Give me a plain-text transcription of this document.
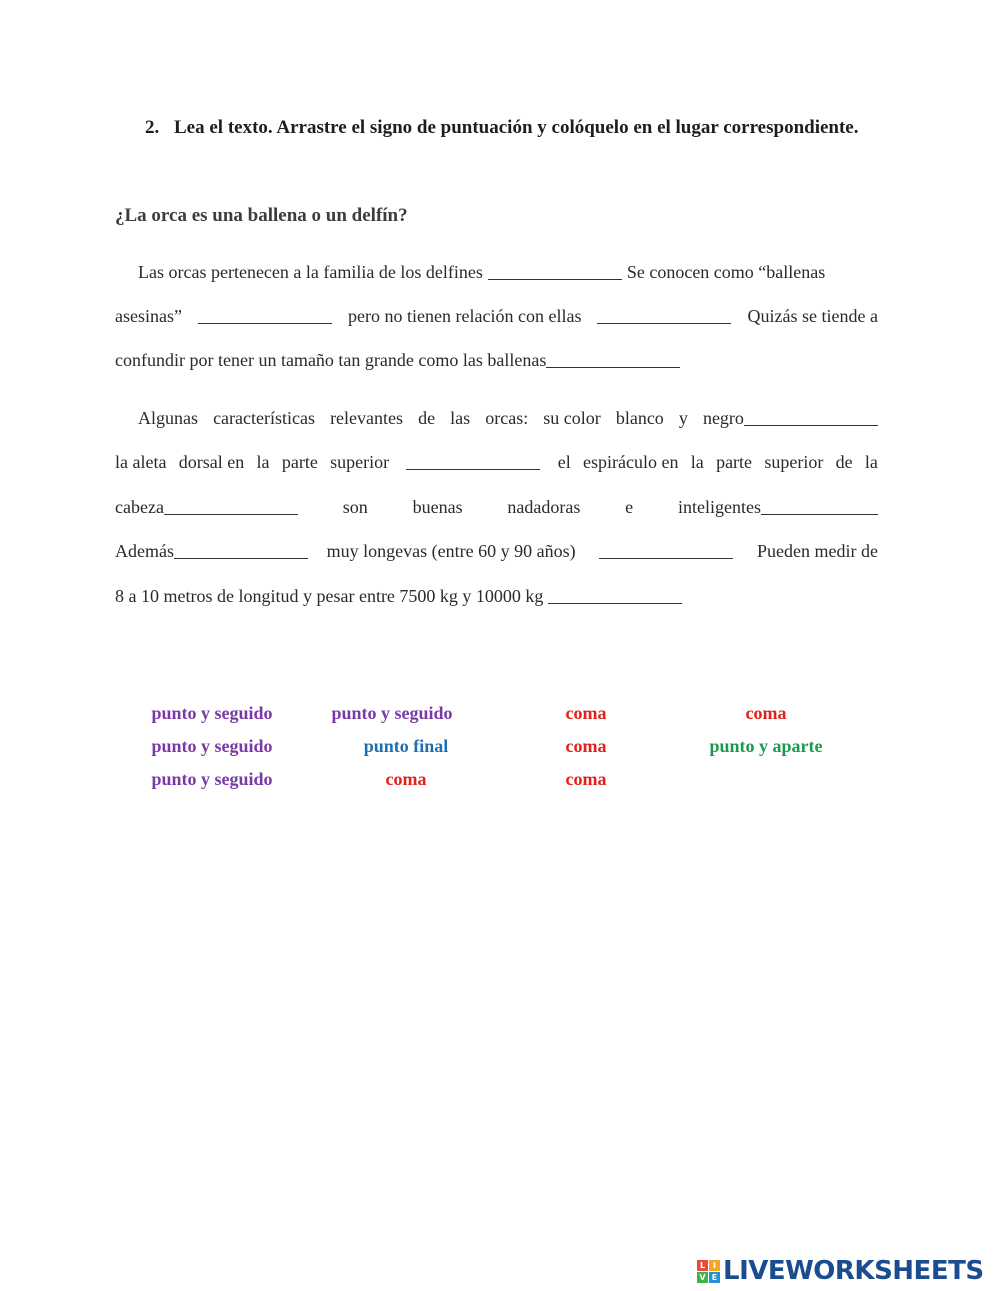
2. Lea el texto. Arrastre el signo de puntuación y colóquelo en el lugar correspondiente.
¿La orca es una ballena o un delfín?
Las orcas pertenecen a la familia de los delfines	Se conocen como “ballenas
asesinas”	pero no tienen relación con ellas	Quizás se tiende a
confundir por tener un tamaño tan grande como las ballenas
Algunas características relevantes de las orcas: su color blanco y negro
la aleta dorsal en la parte superior	el espiráculo en la parte superior de la
cabeza	son buenas nadadoras e inteligentes
Además	muy longevas (entre 60 y 90 años)	Pueden medir de
8 a 10 metros de longitud y pesar entre 7500 kg y 10000 kg
punto y seguido	punto y seguido	coma	coma
punto y seguido	punto final	coma	punto y aparte
punto y seguido	coma	coma
L I
V E LIVEWORKSHEETS
